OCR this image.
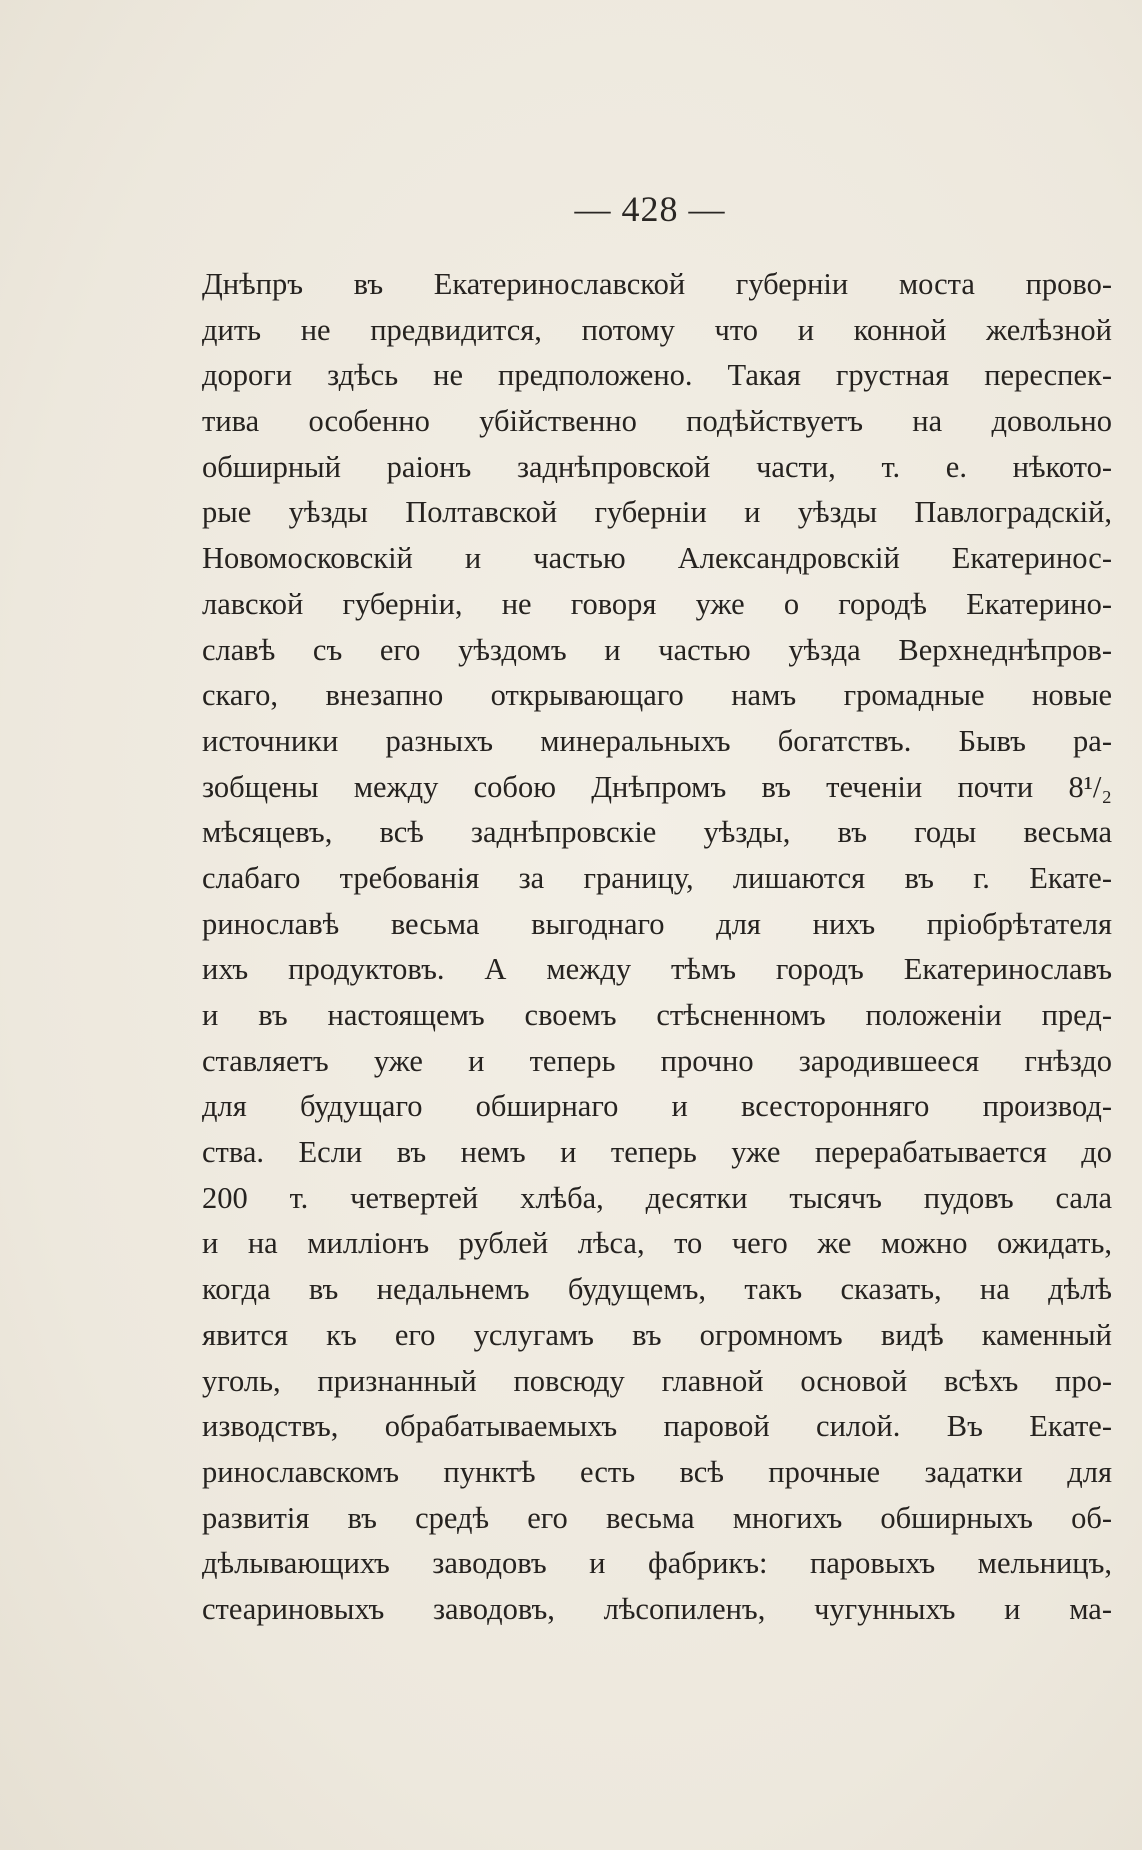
— 428 —
Днѣпръ въ Екатеринославской губерніи моста прово-
дить не предвидится, потому что и конной желѣзной
дороги здѣсь не предположено. Такая грустная переспек-
тива особенно убійственно подѣйствуетъ на довольно
обширный раіонъ заднѣпровской части, т. е. нѣкото-
рые уѣзды Полтавской губерніи и уѣзды Павлоградскій,
Новомосковскій и частью Александровскій Екатеринос-
лавской губерніи, не говоря уже о городѣ Екатерино-
славѣ съ его уѣздомъ и частью уѣзда Верхнеднѣпров-
скаго, внезапно открывающаго намъ громадные новые
источники разныхъ минеральныхъ богатствъ. Бывъ ра-
зобщены между собою Днѣпромъ въ теченіи почти 8¹/₂
мѣсяцевъ, всѣ заднѣпровскіе уѣзды, въ годы весьма
слабаго требованія за границу, лишаются въ г. Екате-
ринославѣ весьма выгоднаго для нихъ пріобрѣтателя
ихъ продуктовъ. А между тѣмъ городъ Екатеринославъ
и въ настоящемъ своемъ стѣсненномъ положеніи пред-
ставляетъ уже и теперь прочно зародившееся гнѣздо
для будущаго обширнаго и всесторонняго производ-
ства. Если въ немъ и теперь уже перерабатывается до
200 т. четвертей хлѣба, десятки тысячъ пудовъ сала
и на милліонъ рублей лѣса, то чего же можно ожидать,
когда въ недальнемъ будущемъ, такъ сказать, на дѣлѣ
явится къ его услугамъ въ огромномъ видѣ каменный
уголь, признанный повсюду главной основой всѣхъ про-
изводствъ, обрабатываемыхъ паровой силой. Въ Екате-
ринославскомъ пунктѣ есть всѣ прочные задатки для
развитія въ средѣ его весьма многихъ обширныхъ об-
дѣлывающихъ заводовъ и фабрикъ: паровыхъ мельницъ,
стеариновыхъ заводовъ, лѣсопиленъ, чугунныхъ и ма-
